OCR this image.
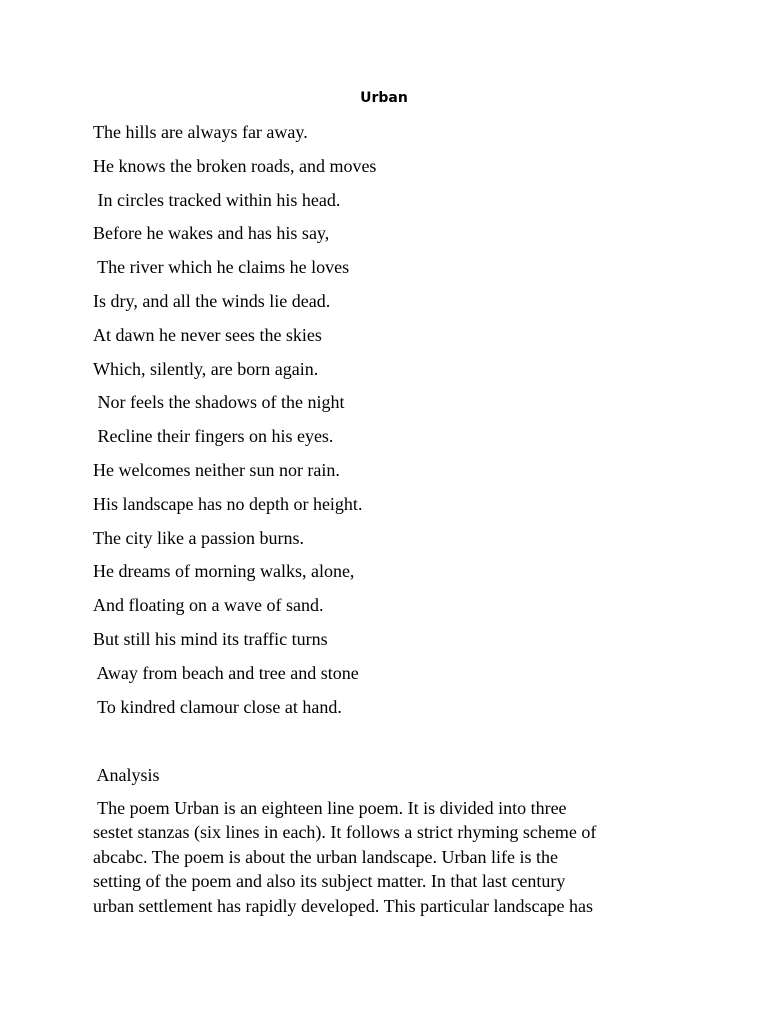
Urban
The hills are always far away.
He knows the broken roads, and moves
In circles tracked within his head.
Before he wakes and has his say,
The river which he claims he loves
Is dry, and all the winds lie dead.
At dawn he never sees the skies
Which, silently, are born again.
Nor feels the shadows of the night
Recline their fingers on his eyes.
He welcomes neither sun nor rain.
His landscape has no depth or height.
The city like a passion burns.
He dreams of morning walks, alone,
And floating on a wave of sand.
But still his mind its traffic turns
Away from beach and tree and stone
To kindred clamour close at hand.
Analysis
The poem Urban is an eighteen line poem. It is divided into three
sestet stanzas (six lines in each). It follows a strict rhyming scheme of
abcabc. The poem is about the urban landscape. Urban life is the
setting of the poem and also its subject matter. In that last century
urban settlement has rapidly developed. This particular landscape has
